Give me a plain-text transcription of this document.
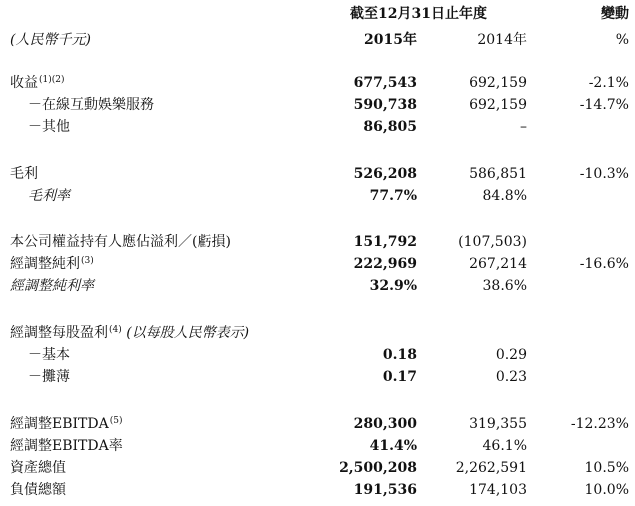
截至12月31日止年度	變動
(人民幣千元)	2015年	2014年	%
收益$^{(1)(2)}$	677,543	692,159	-2.1%
－在線互動娛樂服務	590,738	692,159	-14.7%
－其他	86,805	–
毛利	526,208	586,851	-10.3%
毛利率	77.7%	84.8%
本公司權益持有人應佔溢利／(虧損)	151,792	(107,503)
經調整純利$^{(3)}$	222,969	267,214	-16.6%
經調整純利率	32.9%	38.6%
經調整每股盈利$^{(4)}$ (以每股人民幣表示)
－基本	0.18	0.29
－攤薄	0.17	0.23
經調整EBITDA$^{(5)}$	280,300	319,355	-12.23%
經調整EBITDA率	41.4%	46.1%
資產總值	2,500,208	2,262,591	10.5%
負債總額	191,536	174,103	10.0%
